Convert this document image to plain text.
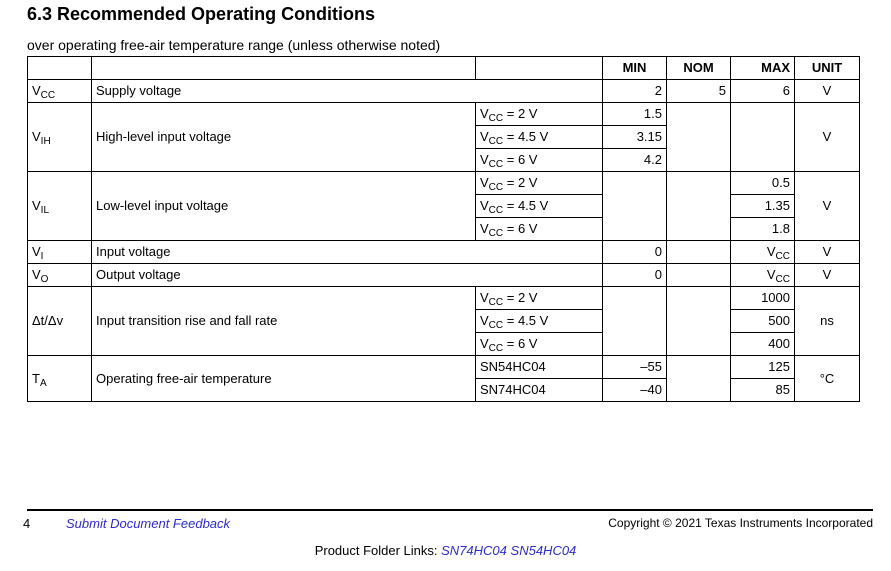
6.3 Recommended Operating Conditions
over operating free-air temperature range (unless otherwise noted)
			MIN	NOM	MAX	UNIT
$V_{CC}$	Supply voltage		2	5	6	V
$V_{IH}$	High-level input voltage	$V_{CC} = 2$ V	1.5			V
		$V_{CC} = 4.5$ V	3.15			
		$V_{CC} = 6$ V	4.2			
$V_{IL}$	Low-level input voltage	$V_{CC} = 2$ V			0.5	V
		$V_{CC} = 4.5$ V			1.35	
		$V_{CC} = 6$ V			1.8	
$V_I$	Input voltage		0		$V_{CC}$	V
$V_O$	Output voltage		0		$V_{CC}$	V
Δt/Δv	Input transition rise and fall rate	$V_{CC} = 2$ V			1000	ns
		$V_{CC} = 4.5$ V			500	
		$V_{CC} = 6$ V			400	
$T_A$	Operating free-air temperature	SN54HC04	–55		125	°C
		SN74HC04	–40		85	
4	Submit Document Feedback	Copyright © 2021 Texas Instruments Incorporated
Product Folder Links: SN74HC04 SN54HC04
